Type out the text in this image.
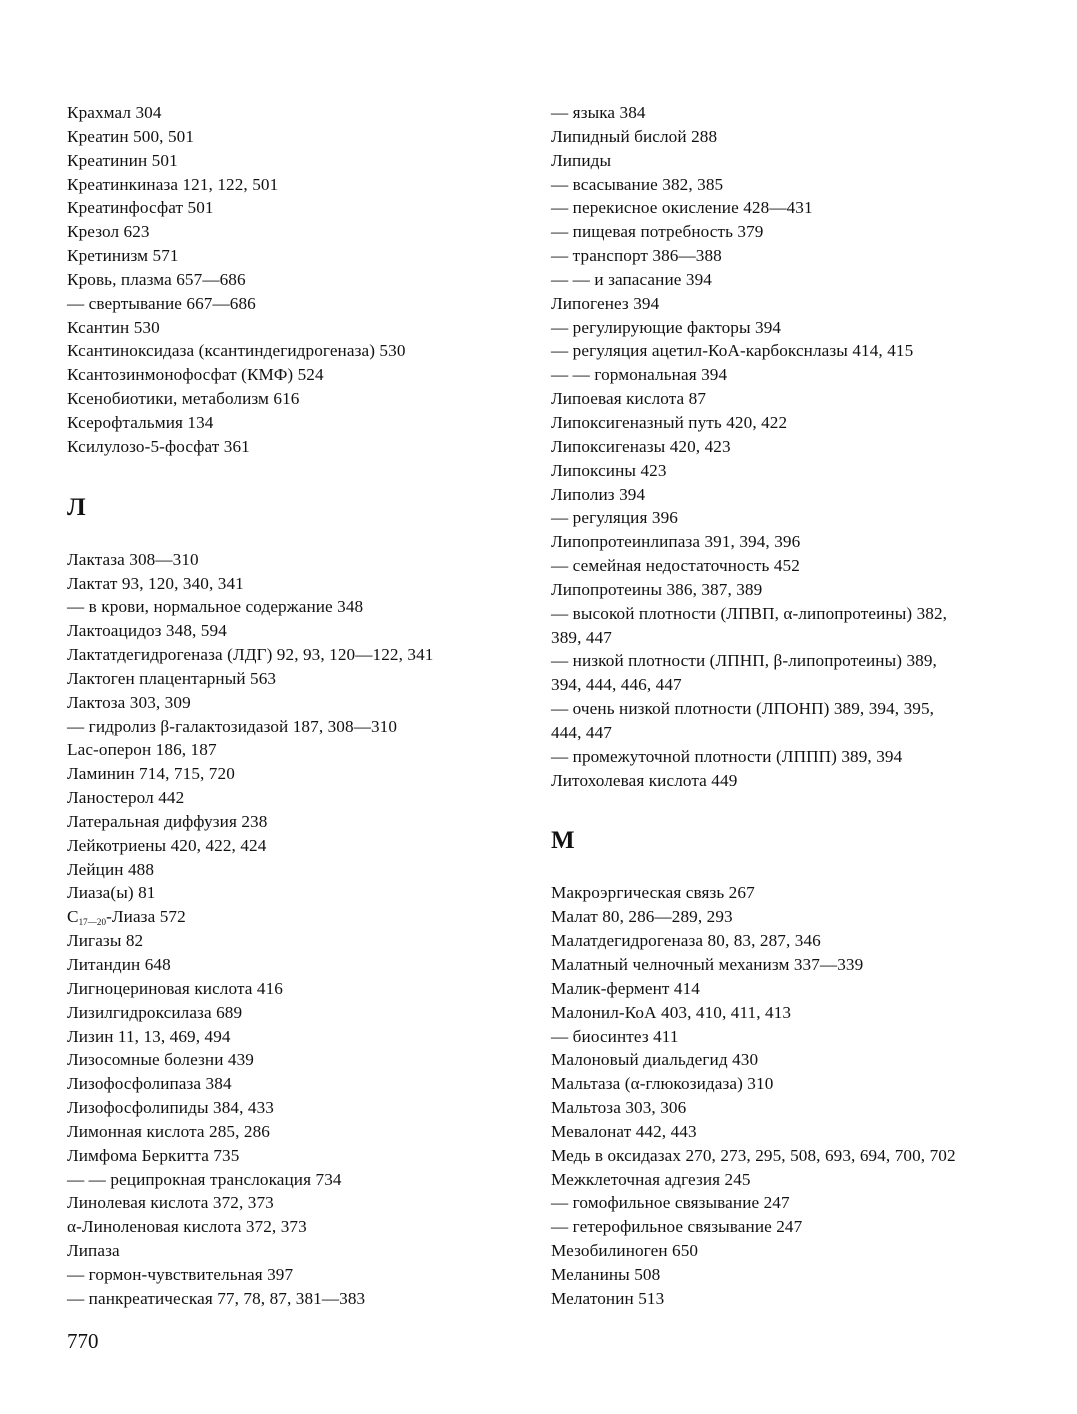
Крахмал 304
Креатин 500, 501
Креатинин 501
Креатинкиназа 121, 122, 501
Креатинфосфат 501
Крезол 623
Кретинизм 571
Кровь, плазма 657—686
— свертывание 667—686
Ксантин 530
Ксантиноксидаза (ксантиндегидрогеназа) 530
Ксантозинмонофосфат (КМФ) 524
Ксенобиотики, метаболизм 616
Ксерофтальмия 134
Ксилулозо-5-фосфат 361
Л
Лактаза 308—310
Лактат 93, 120, 340, 341
— в крови, нормальное содержание 348
Лактоацидоз 348, 594
Лактатдегидрогеназа (ЛДГ) 92, 93, 120—122, 341
Лактоген плацентарный 563
Лактоза 303, 309
— гидролиз β-галактозидазой 187, 308—310
Lac-оперон 186, 187
Ламинин 714, 715, 720
Ланостерол 442
Латеральная диффузия 238
Лейкотриены 420, 422, 424
Лейцин 488
Лиаза(ы) 81
$C_{17—20}$-Лиаза 572
Лигазы 82
Литандин 648
Лигноцериновая кислота 416
Лизилгидроксилаза 689
Лизин 11, 13, 469, 494
Лизосомные болезни 439
Лизофосфолипаза 384
Лизофосфолипиды 384, 433
Лимонная кислота 285, 286
Лимфома Беркитта 735
— — реципрокная транслокация 734
Линолевая кислота 372, 373
α-Линоленовая кислота 372, 373
Липаза
— гормон-чувствительная 397
— панкреатическая 77, 78, 87, 381—383
— языка 384
Липидный бислой 288
Липиды
— всасывание 382, 385
— перекисное окисление 428—431
— пищевая потребность 379
— транспорт 386—388
— — и запасание 394
Липогенез 394
— регулирующие факторы 394
— регуляция ацетил-КоА-карбокснлазы 414, 415
— — гормональная 394
Липоевая кислота 87
Липоксигеназный путь 420, 422
Липоксигеназы 420, 423
Липоксины 423
Липолиз 394
— регуляция 396
Липопротеинлипаза 391, 394, 396
— семейная недостаточность 452
Липопротеины 386, 387, 389
— высокой плотности (ЛПВП, α-липопротеины) 382,
389, 447
— низкой плотности (ЛПНП, β-липопротеины) 389,
394, 444, 446, 447
— очень низкой плотности (ЛПОНП) 389, 394, 395,
444, 447
— промежуточной плотности (ЛППП) 389, 394
Литохолевая кислота 449
М
Макроэргическая связь 267
Малат 80, 286—289, 293
Малатдегидрогеназа 80, 83, 287, 346
Малатный челночный механизм 337—339
Малик-фермент 414
Малонил-КоА 403, 410, 411, 413
— биосинтез 411
Малоновый диальдегид 430
Мальтаза (α-глюкозидаза) 310
Мальтоза 303, 306
Мевалонат 442, 443
Медь в оксидазах 270, 273, 295, 508, 693, 694, 700, 702
Межклеточная адгезия 245
— гомофильное связывание 247
— гетерофильное связывание 247
Мезобилиноген 650
Меланины 508
Мелатонин 513
770
